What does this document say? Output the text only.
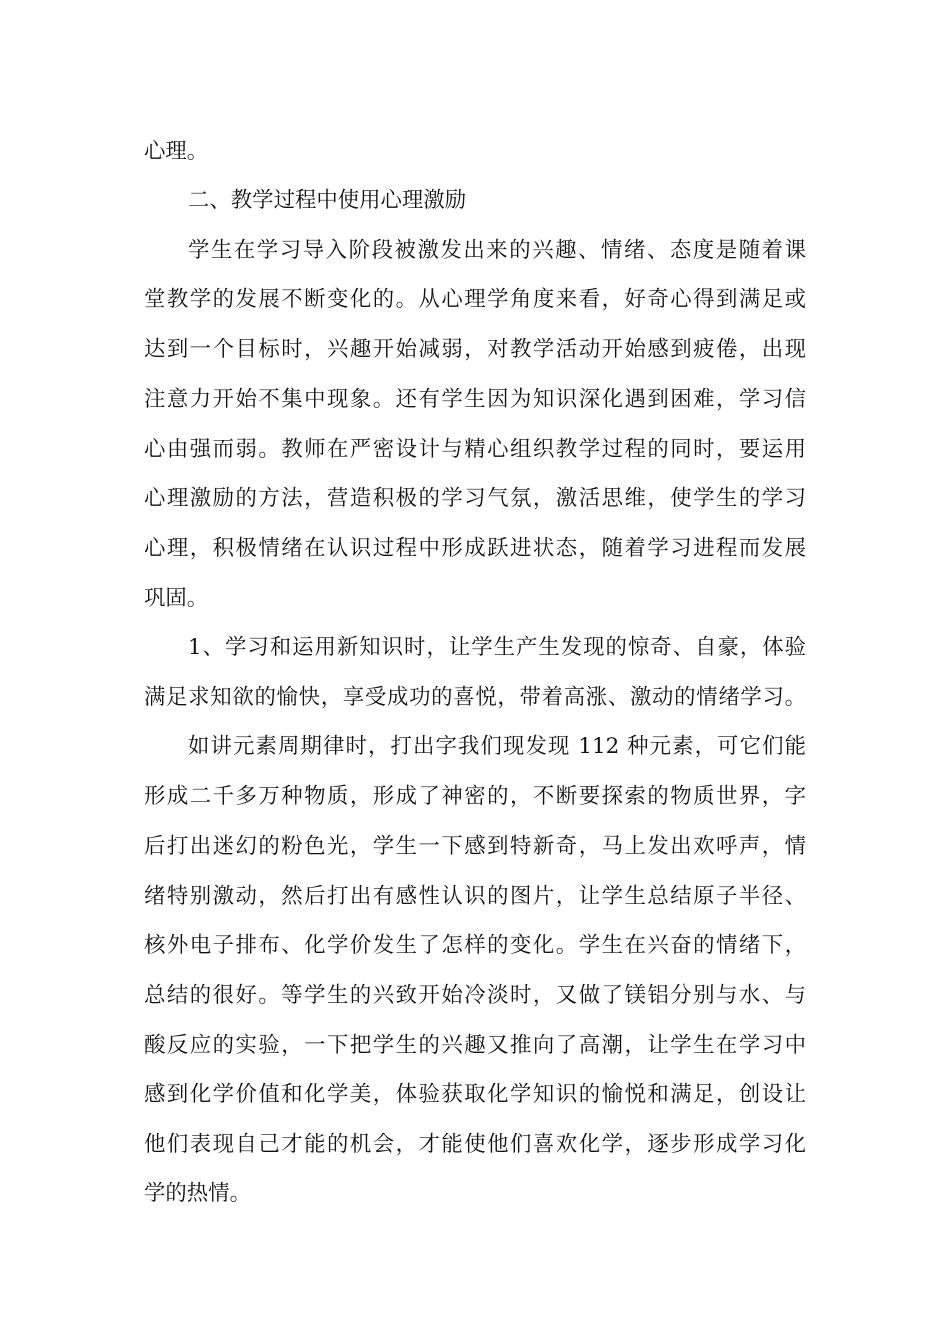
心理。
二、教学过程中使用心理激励
学生在学习导入阶段被激发出来的兴趣、情绪、态度是随着课
堂教学的发展不断变化的。从心理学角度来看，好奇心得到满足或
达到一个目标时，兴趣开始减弱，对教学活动开始感到疲倦，出现
注意力开始不集中现象。还有学生因为知识深化遇到困难，学习信
心由强而弱。教师在严密设计与精心组织教学过程的同时，要运用
心理激励的方法，营造积极的学习气氛，激活思维，使学生的学习
心理，积极情绪在认识过程中形成跃进状态，随着学习进程而发展
巩固。
1、学习和运用新知识时，让学生产生发现的惊奇、自豪，体验
满足求知欲的愉快，享受成功的喜悦，带着高涨、激动的情绪学习。
如讲元素周期律时，打出字我们现发现 112 种元素，可它们能
形成二千多万种物质，形成了神密的，不断要探索的物质世界，字
后打出迷幻的粉色光，学生一下感到特新奇，马上发出欢呼声，情
绪特别激动，然后打出有感性认识的图片，让学生总结原子半径、
核外电子排布、化学价发生了怎样的变化。学生在兴奋的情绪下，
总结的很好。等学生的兴致开始冷淡时，又做了镁铝分别与水、与
酸反应的实验，一下把学生的兴趣又推向了高潮，让学生在学习中
感到化学价值和化学美，体验获取化学知识的愉悦和满足，创设让
他们表现自己才能的机会，才能使他们喜欢化学，逐步形成学习化
学的热情。
